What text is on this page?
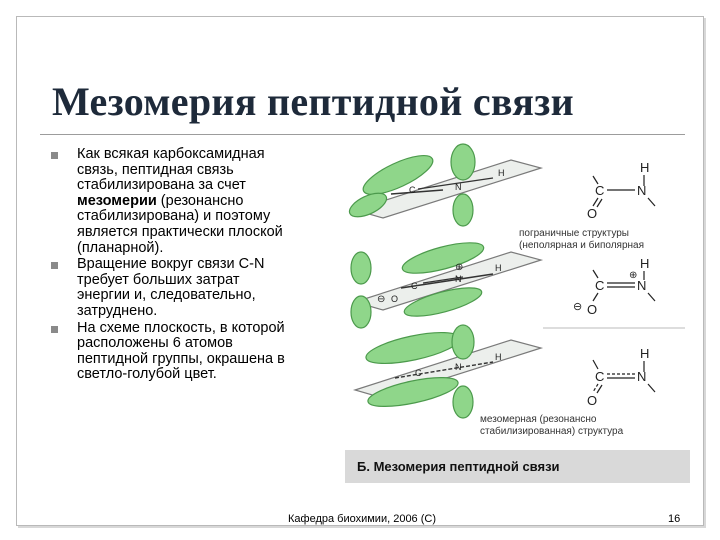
Мезомерия пептидной связи
Как всякая карбоксамидная
связь, пептидная связь
стабилизирована за счет
мезомерии (резонансно
стабилизирована) и поэтому
является практически плоской
(планарной).
Вращение вокруг связи C-N
требует больших затрат
энергии и, следовательно,
затруднено.
На схеме плоскость, в которой
расположены 6 атомов
пептидной группы, окрашена в
светло-голубой цвет.
C	N
H
⊖ O
C
N
⊕	H
C
N
H
H
C	N
O
пограничные структуры
(неполярная и биполярная
H
⊕
C	N
O
⊖
H
C	N
O
мезомерная (резонансно
стабилизированная) структура
Б. Мезомерия пептидной связи
Кафедра биохимии, 2006 (С)	16
